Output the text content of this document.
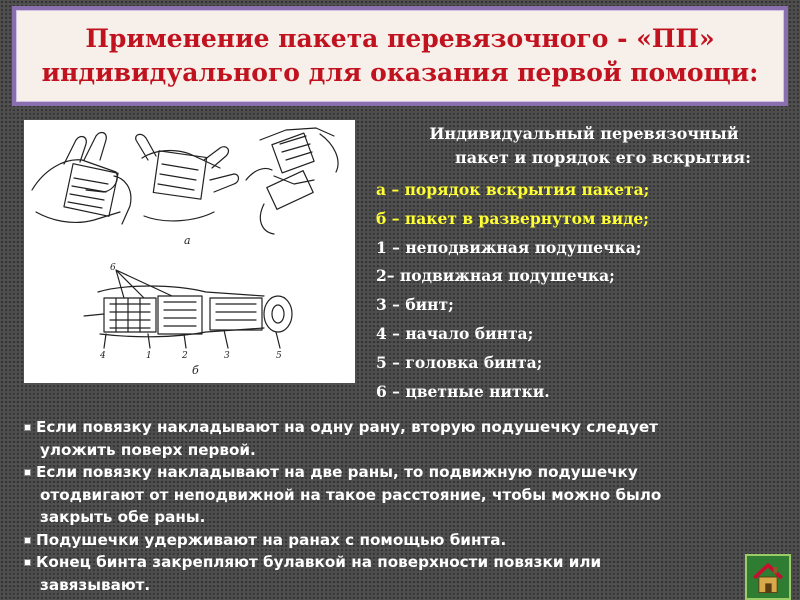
Применение пакета перевязочного - «ПП»
индивидуального для оказания первой помощи:
а
б
6
4	1	2	3	5
Индивидуальный перевязочный
пакет и порядок его вскрытия:
а – порядок вскрытия пакета;
б – пакет в развернутом виде;
1 – неподвижная подушечка;
2– подвижная подушечка;
3 – бинт;
4 – начало бинта;
5 – головка бинта;
6 – цветные нитки.
Если повязку накладывают на одну рану, вторую подушечку следует
уложить поверх первой.
Если повязку накладывают на две раны, то подвижную подушечку
отодвигают от неподвижной на такое расстояние, чтобы можно было
закрыть обе раны.
Подушечки удерживают на ранах с помощью бинта.
Конец бинта закрепляют булавкой на поверхности повязки или
завязывают.
